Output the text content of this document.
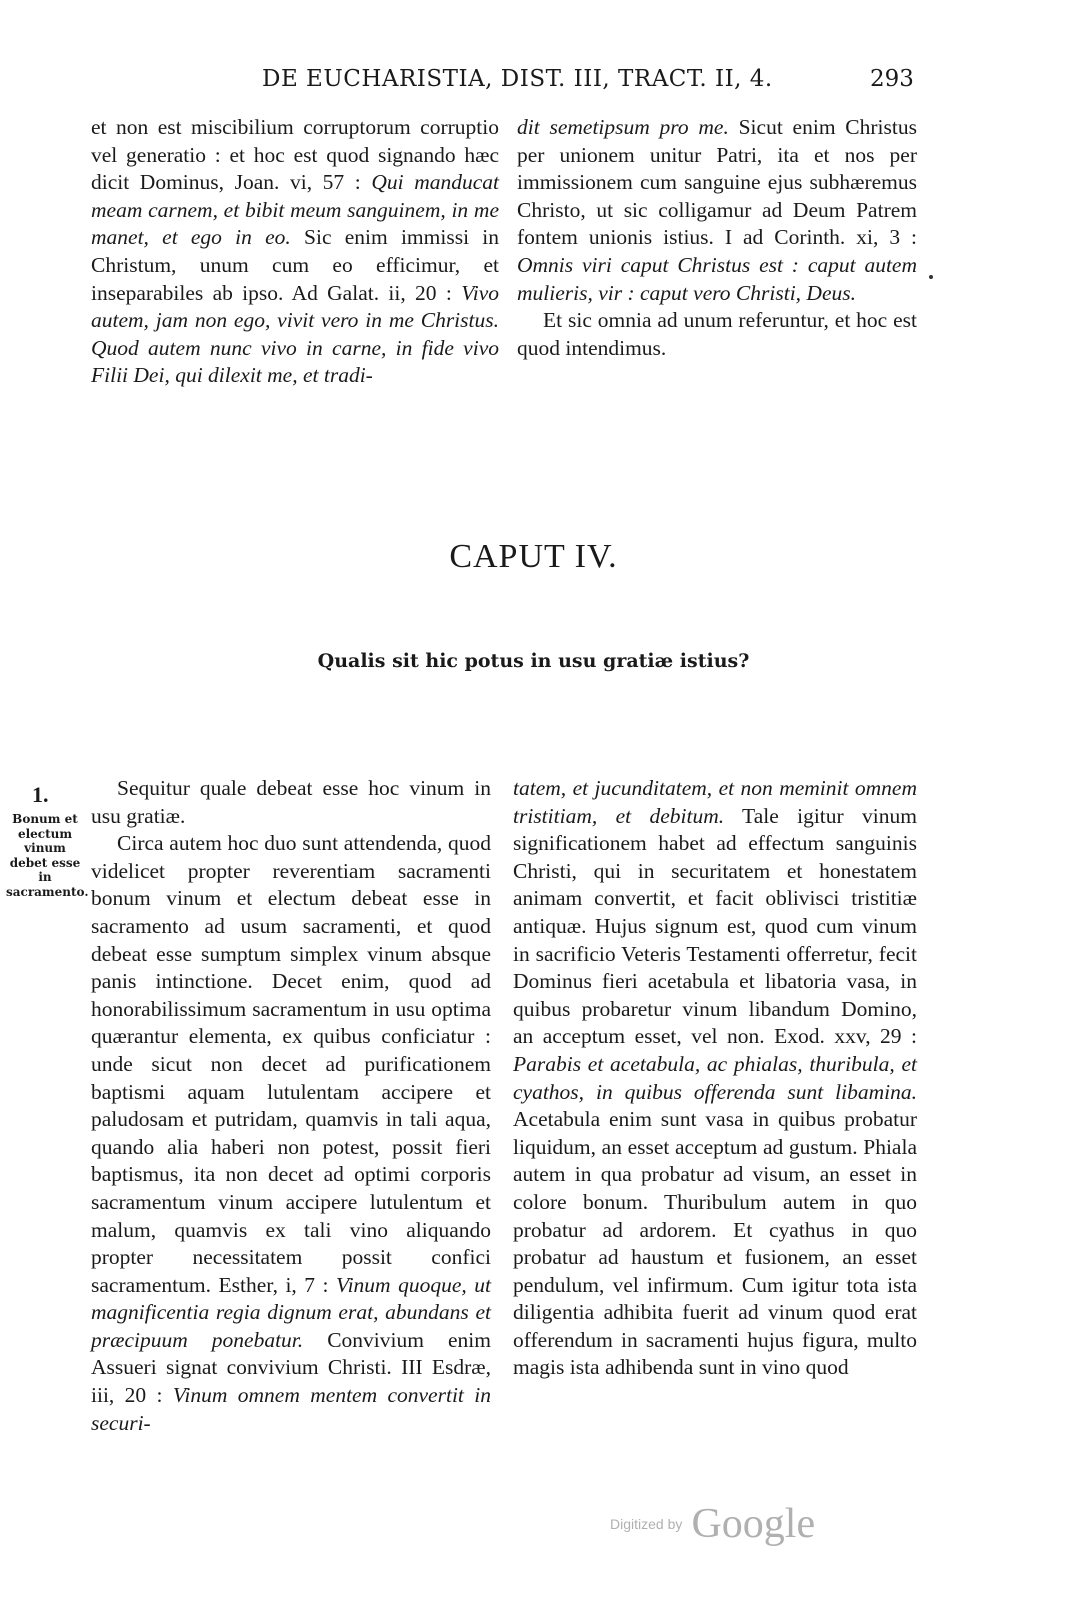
DE EUCHARISTIA, DIST. III, TRACT. II, 4.	293

et non est miscibilium corruptorum corruptio vel generatio : et hoc est quod signando hæc dicit Dominus, Joan. vi, 57 : Qui manducat meam carnem, et bibit meum sanguinem, in me manet, et ego in eo. Sic enim immissi in Christum, unum cum eo efficimur, et inseparabiles ab ipso. Ad Galat. ii, 20 : Vivo autem, jam non ego, vivit vero in me Christus. Quod autem nunc vivo in carne, in fide vivo Filii Dei, qui dilexit me, et tradi-

dit semetipsum pro me. Sicut enim Christus per unionem unitur Patri, ita et nos per immissionem cum sanguine ejus subhæremus Christo, ut sic colligamur ad Deum Patrem fontem unionis istius. I ad Corinth. xi, 3 : Omnis viri caput Christus est : caput autem mulieris, vir : caput vero Christi, Deus.

Et sic omnia ad unum referuntur, et hoc est quod intendimus.

CAPUT IV.
Qualis sit hic potus in usu gratiæ istius?
1.
Bonum et electum vinum debet esse in sacramento.

Sequitur quale debeat esse hoc vinum in usu gratiæ.

Circa autem hoc duo sunt attendenda, quod videlicet propter reverentiam sacramenti bonum vinum et electum debeat esse in sacramento ad usum sacramenti, et quod debeat esse sumptum simplex vinum absque panis intinctione. Decet enim, quod ad honorabilissimum sacramentum in usu optima quærantur elementa, ex quibus conficiatur : unde sicut non decet ad purificationem baptismi aquam lutulentam accipere et paludosam et putridam, quamvis in tali aqua, quando alia haberi non potest, possit fieri baptismus, ita non decet ad optimi corporis sacramentum vinum accipere lutulentum et malum, quamvis ex tali vino aliquando propter necessitatem possit confici sacramentum. Esther, i, 7 : Vinum quoque, ut magnificentia regia dignum erat, abundans et præcipuum ponebatur. Convivium enim Assueri signat convivium Christi. III Esdræ, iii, 20 : Vinum omnem mentem convertit in securi-

tatem, et jucunditatem, et non meminit omnem tristitiam, et debitum. Tale igitur vinum significationem habet ad effectum sanguinis Christi, qui in securitatem et honestatem animam convertit, et facit oblivisci tristitiæ antiquæ. Hujus signum est, quod cum vinum in sacrificio Veteris Testamenti offerretur, fecit Dominus fieri acetabula et libatoria vasa, in quibus probaretur vinum libandum Domino, an acceptum esset, vel non. Exod. xxv, 29 : Parabis et acetabula, ac phialas, thuribula, et cyathos, in quibus offerenda sunt libamina. Acetabula enim sunt vasa in quibus probatur liquidum, an esset acceptum ad gustum. Phiala autem in qua probatur ad visum, an esset in colore bonum. Thuribulum autem in quo probatur ad ardorem. Et cyathus in quo probatur ad haustum et fusionem, an esset pendulum, vel infirmum. Cum igitur tota ista diligentia adhibita fuerit ad vinum quod erat offerendum in sacramenti hujus figura, multo magis ista adhibenda sunt in vino quod

Digitized by Google
